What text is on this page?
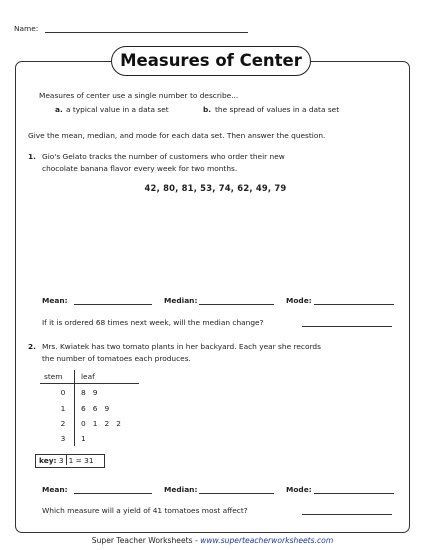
Name:
Measures of Center
Measures of center use a single number to describe...
a. a typical value in a data set	b. the spread of values in a data set
Give the mean, median, and mode for each data set. Then answer the question.
1. Gio's Gelato tracks the number of customers who order their new
chocolate banana flavor every week for two months.
42, 80, 81, 53, 74, 62, 49, 79
Mean:	Median:	Mode:
If it is ordered 68 times next week, will the median change?
2. Mrs. Kwiatek has two tomato plants in her backyard. Each year she records
the number of tomatoes each produces.
stem	leaf
0	8   9
1	6   6   9
2	0   1   2   2
3	1
key: 3 1 = 31
Mean:	Median:	Mode:
Which measure will a yield of 41 tomatoes most affect?
Super Teacher Worksheets - www.superteacherworksheets.com
